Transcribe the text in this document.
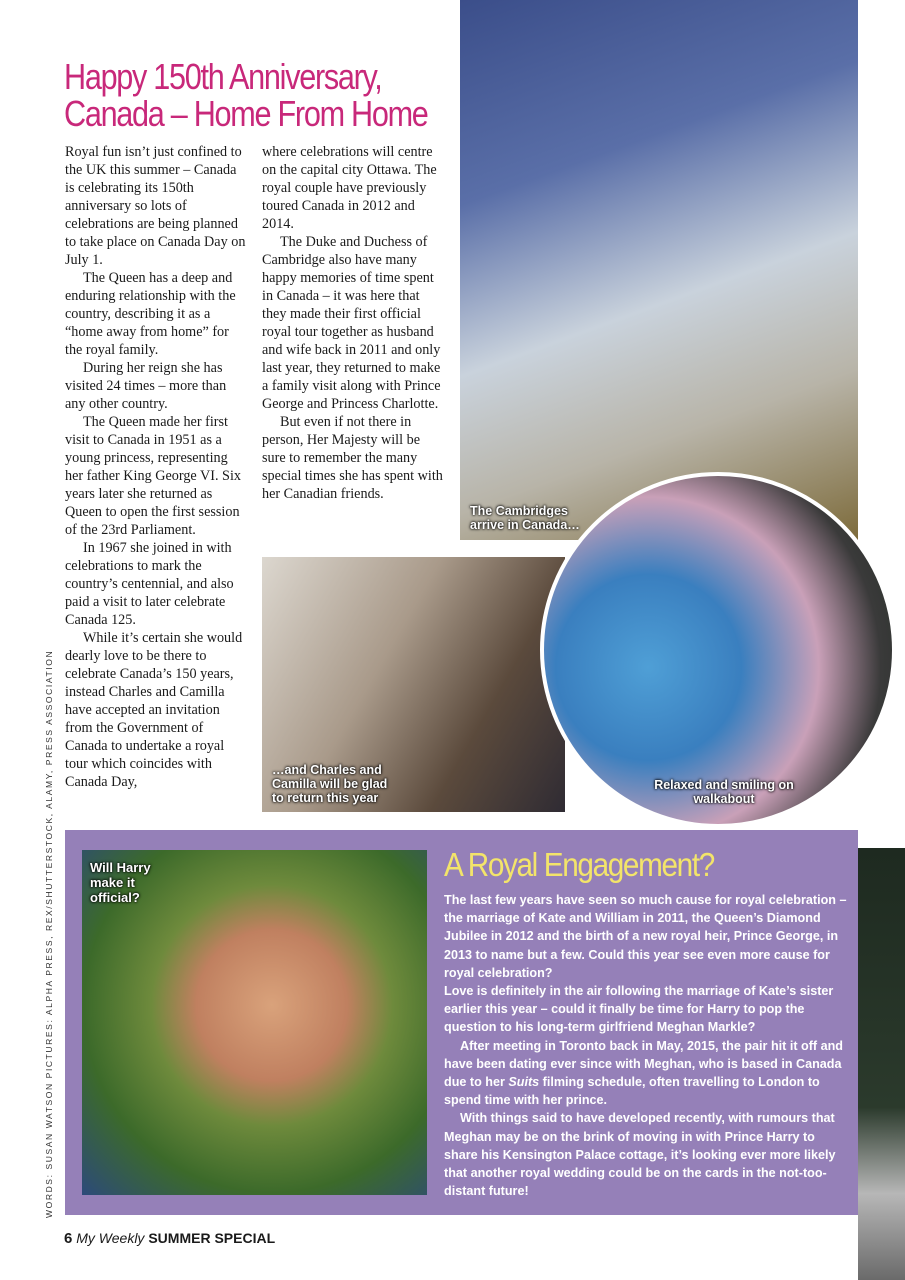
Happy 150th Anniversary, Canada – Home From Home

Royal fun isn’t just confined to the UK this summer – Canada is celebrating its 150th anniversary so lots of celebrations are being planned to take place on Canada Day on July 1.

The Queen has a deep and enduring relationship with the country, describing it as a “home away from home” for the royal family.

During her reign she has visited 24 times – more than any other country.

The Queen made her first visit to Canada in 1951 as a young princess, representing her father King George VI. Six years later she returned as Queen to open the first session of the 23rd Parliament.

In 1967 she joined in with celebrations to mark the country’s centennial, and also paid a visit to later celebrate Canada 125.

While it’s certain she would dearly love to be there to celebrate Canada’s 150 years, instead Charles and Camilla have accepted an invitation from the Government of Canada to undertake a royal tour which coincides with Canada Day,

where celebrations will centre on the capital city Ottawa. The royal couple have previously toured Canada in 2012 and 2014.

The Duke and Duchess of Cambridge also have many happy memories of time spent in Canada – it was here that they made their first official royal tour together as husband and wife back in 2011 and only last year, they returned to make a family visit along with Prince George and Princess Charlotte.

But even if not there in person, Her Majesty will be sure to remember the many special times she has spent with her Canadian friends.

The Cambridges arrive in Canada…
…and Charles and Camilla will be glad to return this year
Relaxed and smiling on walkabout
Will Harry make it official?
A Royal Engagement?

The last few years have seen so much cause for royal celebration – the marriage of Kate and William in 2011, the Queen’s Diamond Jubilee in 2012 and the birth of a new royal heir, Prince George, in 2013 to name but a few. Could this year see even more cause for royal celebration?

Love is definitely in the air following the marriage of Kate’s sister earlier this year – could it finally be time for Harry to pop the question to his long-term girlfriend Meghan Markle?

After meeting in Toronto back in May, 2015, the pair hit it off and have been dating ever since with Meghan, who is based in Canada due to her Suits filming schedule, often travelling to London to spend time with her prince.

With things said to have developed recently, with rumours that Meghan may be on the brink of moving in with Prince Harry to share his Kensington Palace cottage, it’s looking ever more likely that another royal wedding could be on the cards in the not-too-distant future!

WORDS: SUSAN WATSON PICTURES: ALPHA PRESS, REX/SHUTTERSTOCK, ALAMY, PRESS ASSOCIATION
6 My Weekly SUMMER SPECIAL
